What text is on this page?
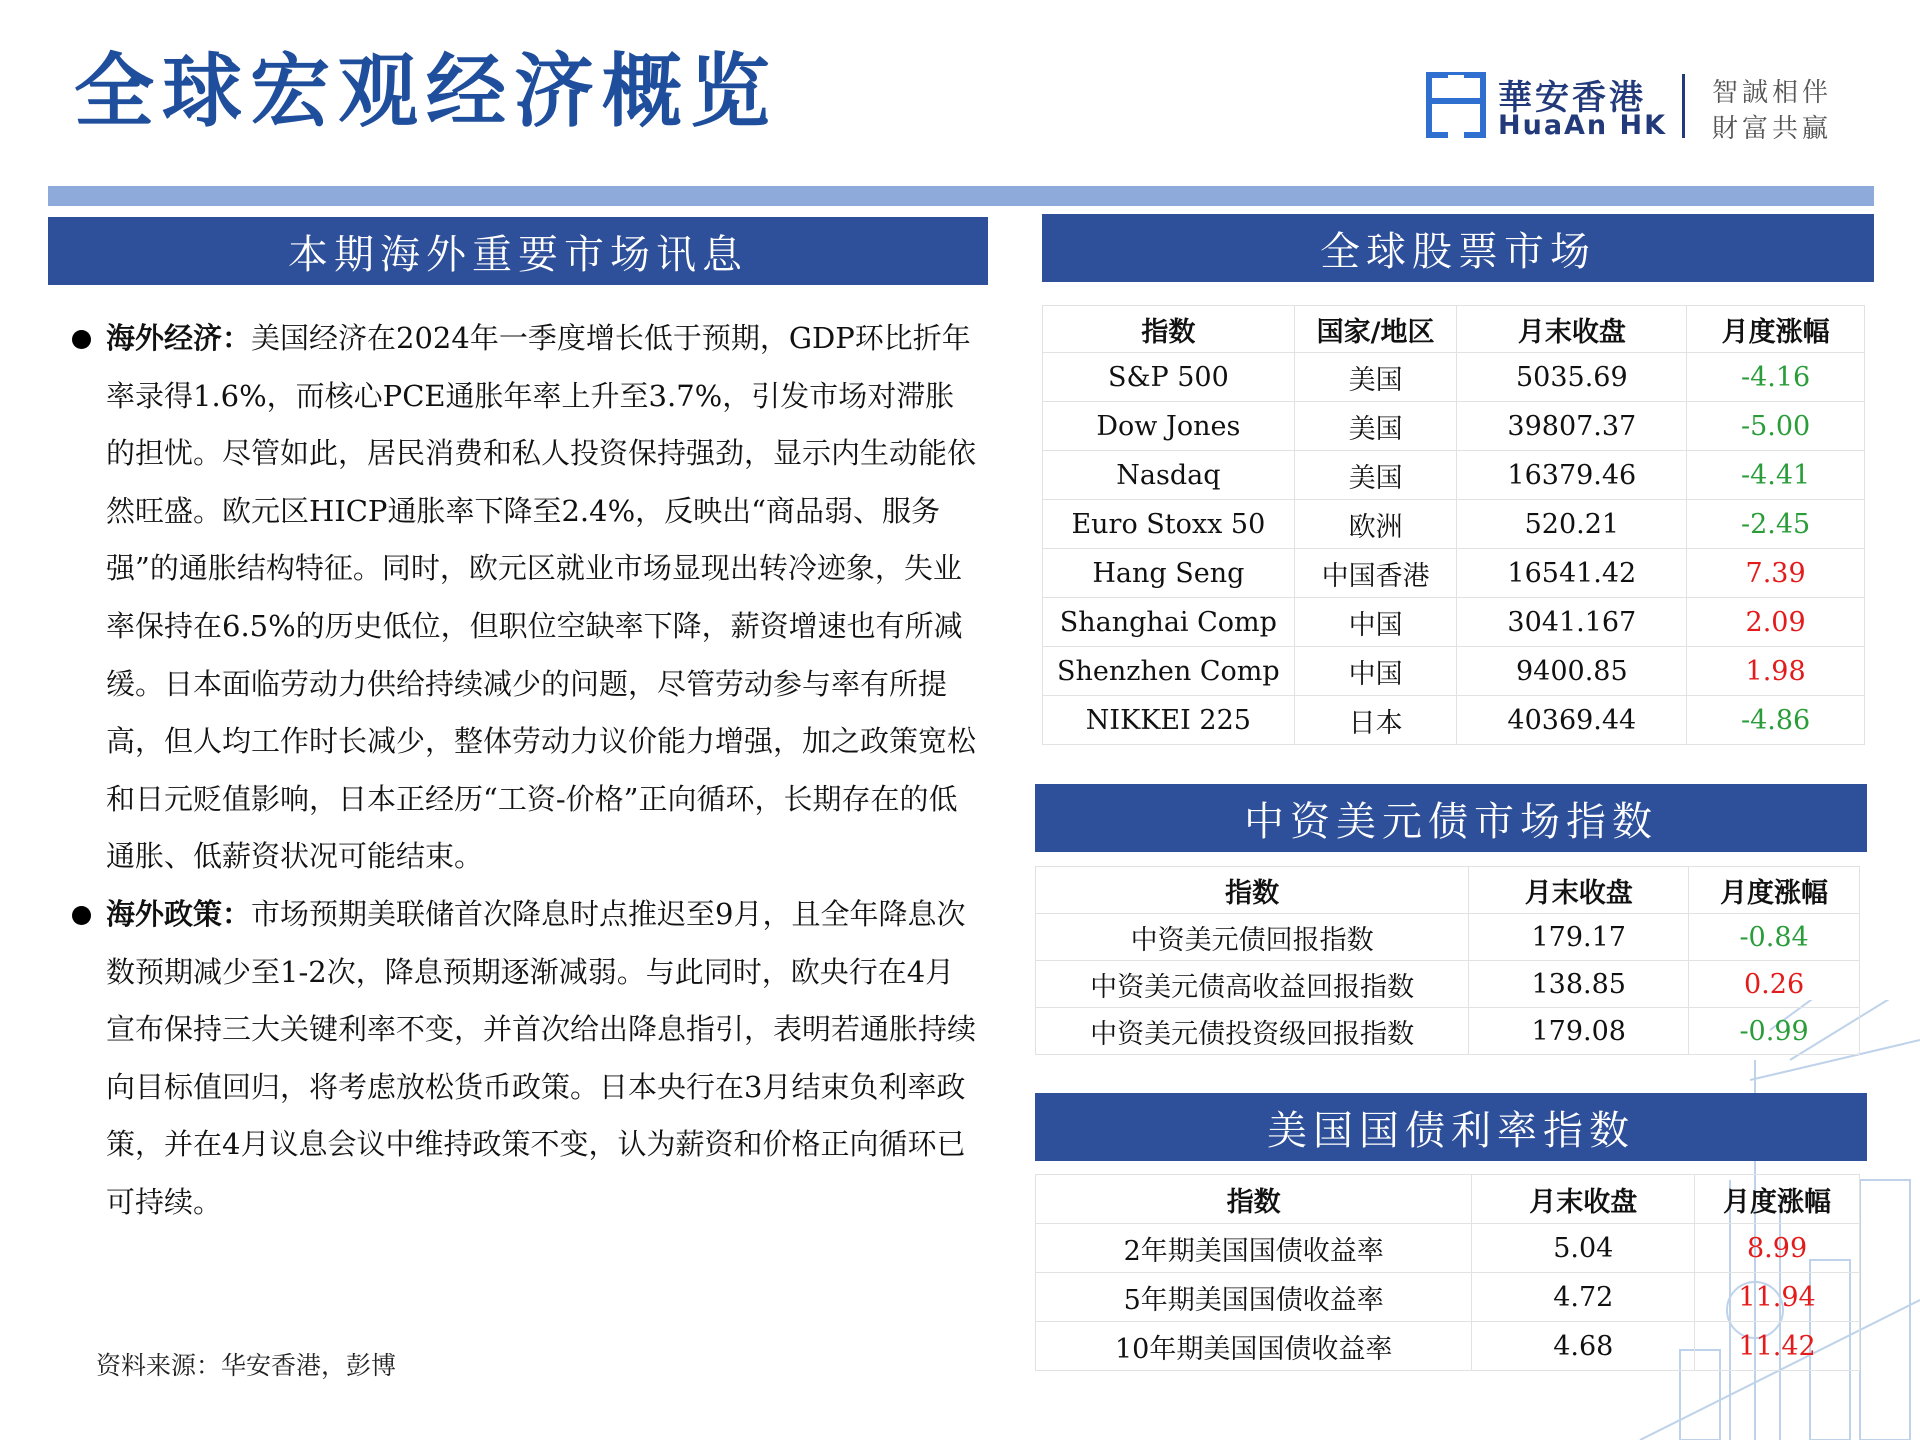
全球宏观经济概览	華安香港
HuaAn HK
智誠相伴
財富共贏
本期海外重要市场讯息
海外经济：美国经济在2024年一季度增长低于预期，GDP环比折年率录得1.6%，而核心PCE通胀年率上升至3.7%，引发市场对滞胀的担忧。尽管如此，居民消费和私人投资保持强劲，显示内生动能依然旺盛。欧元区HICP通胀率下降至2.4%，反映出“商品弱、服务强”的通胀结构特征。同时，欧元区就业市场显现出转冷迹象，失业率保持在6.5%的历史低位，但职位空缺率下降，薪资增速也有所减缓。日本面临劳动力供给持续减少的问题，尽管劳动参与率有所提高，但人均工作时长减少，整体劳动力议价能力增强，加之政策宽松和日元贬值影响，日本正经历“工资-价格”正向循环，长期存在的低通胀、低薪资状况可能结束。
海外政策：市场预期美联储首次降息时点推迟至9月，且全年降息次数预期减少至1-2次，降息预期逐渐减弱。与此同时，欧央行在4月宣布保持三大关键利率不变，并首次给出降息指引，表明若通胀持续向目标值回归，将考虑放松货币政策。日本央行在3月结束负利率政策，并在4月议息会议中维持政策不变，认为薪资和价格正向循环已可持续。
资料来源：华安香港，彭博
全球股票市场
指数	国家/地区	月末收盘	月度涨幅
S&P 500	美国	5035.69	-4.16
Dow Jones	美国	39807.37	-5.00
Nasdaq	美国	16379.46	-4.41
Euro Stoxx 50	欧洲	520.21	-2.45
Hang Seng	中国香港	16541.42	7.39
Shanghai Comp	中国	3041.167	2.09
Shenzhen Comp	中国	9400.85	1.98
NIKKEI 225	日本	40369.44	-4.86
中资美元债市场指数
指数	月末收盘	月度涨幅
中资美元债回报指数	179.17	-0.84
中资美元债高收益回报指数	138.85	0.26
中资美元债投资级回报指数	179.08	-0.99
美国国债利率指数
指数	月末收盘	月度涨幅
2年期美国国债收益率	5.04	8.99
5年期美国国债收益率	4.72	11.94
10年期美国国债收益率	4.68	11.42
